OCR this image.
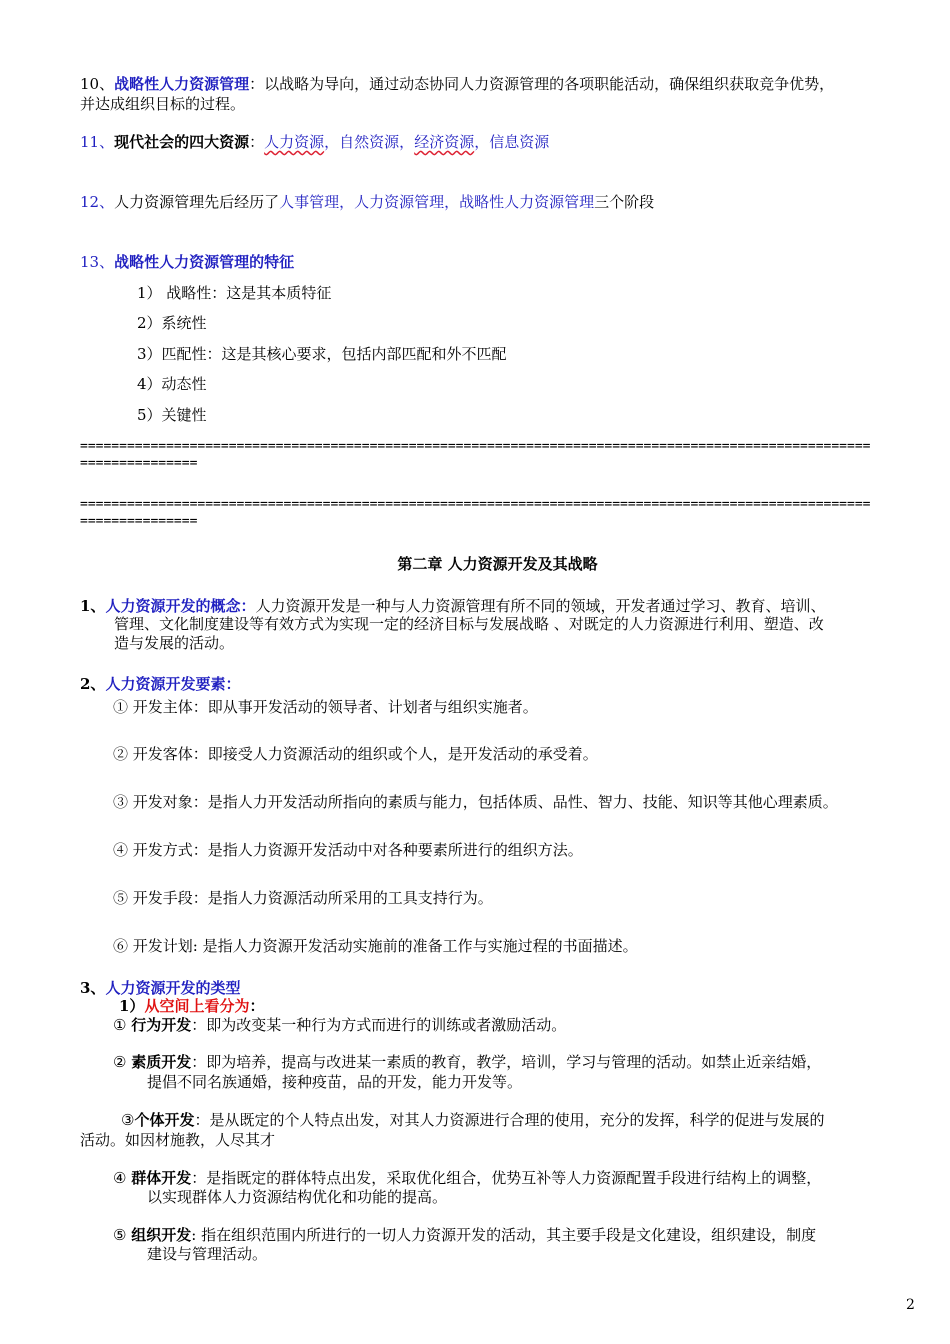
10、战略性人力资源管理：以战略为导向，通过动态协同人力资源管理的各项职能活动，确保组织获取竞争优势，
并达成组织目标的过程。
11、现代社会的四大资源：人力资源，自然资源，经济资源，信息资源
12、人力资源管理先后经历了人事管理，人力资源管理，战略性人力资源管理三个阶段
13、战略性人力资源管理的特征
1） 战略性：这是其本质特征
2）系统性
3）匹配性：这是其核心要求，包括内部匹配和外不匹配
4）动态性
5）关键性
=====================================================================================================
===============
=====================================================================================================
===============
第二章 人力资源开发及其战略
1、人力资源开发的概念：人力资源开发是一种与人力资源管理有所不同的领域，开发者通过学习、教育、培训、
管理、文化制度建设等有效方式为实现一定的经济目标与发展战略 、对既定的人力资源进行利用、塑造、改
造与发展的活动。
2、人力资源开发要素：
① 开发主体：即从事开发活动的领导者、计划者与组织实施者。
② 开发客体：即接受人力资源活动的组织或个人，是开发活动的承受着。
③ 开发对象：是指人力开发活动所指向的素质与能力，包括体质、品性、智力、技能、知识等其他心理素质。
④ 开发方式：是指人力资源开发活动中对各种要素所进行的组织方法。
⑤ 开发手段：是指人力资源活动所采用的工具支持行为。
⑥ 开发计划: 是指人力资源开发活动实施前的准备工作与实施过程的书面描述。
3、人力资源开发的类型
1）从空间上看分为：
① 行为开发：即为改变某一种行为方式而进行的训练或者激励活动。
② 素质开发：即为培养，提高与改进某一素质的教育，教学，培训，学习与管理的活动。如禁止近亲结婚，
提倡不同名族通婚，接种疫苗，品的开发，能力开发等。
③个体开发：是从既定的个人特点出发，对其人力资源进行合理的使用，充分的发挥，科学的促进与发展的
活动。如因材施教，人尽其才
④ 群体开发：是指既定的群体特点出发，采取优化组合，优势互补等人力资源配置手段进行结构上的调整，
以实现群体人力资源结构优化和功能的提高。
⑤ 组织开发: 指在组织范围内所进行的一切人力资源开发的活动，其主要手段是文化建设，组织建设，制度
建设与管理活动。
2
